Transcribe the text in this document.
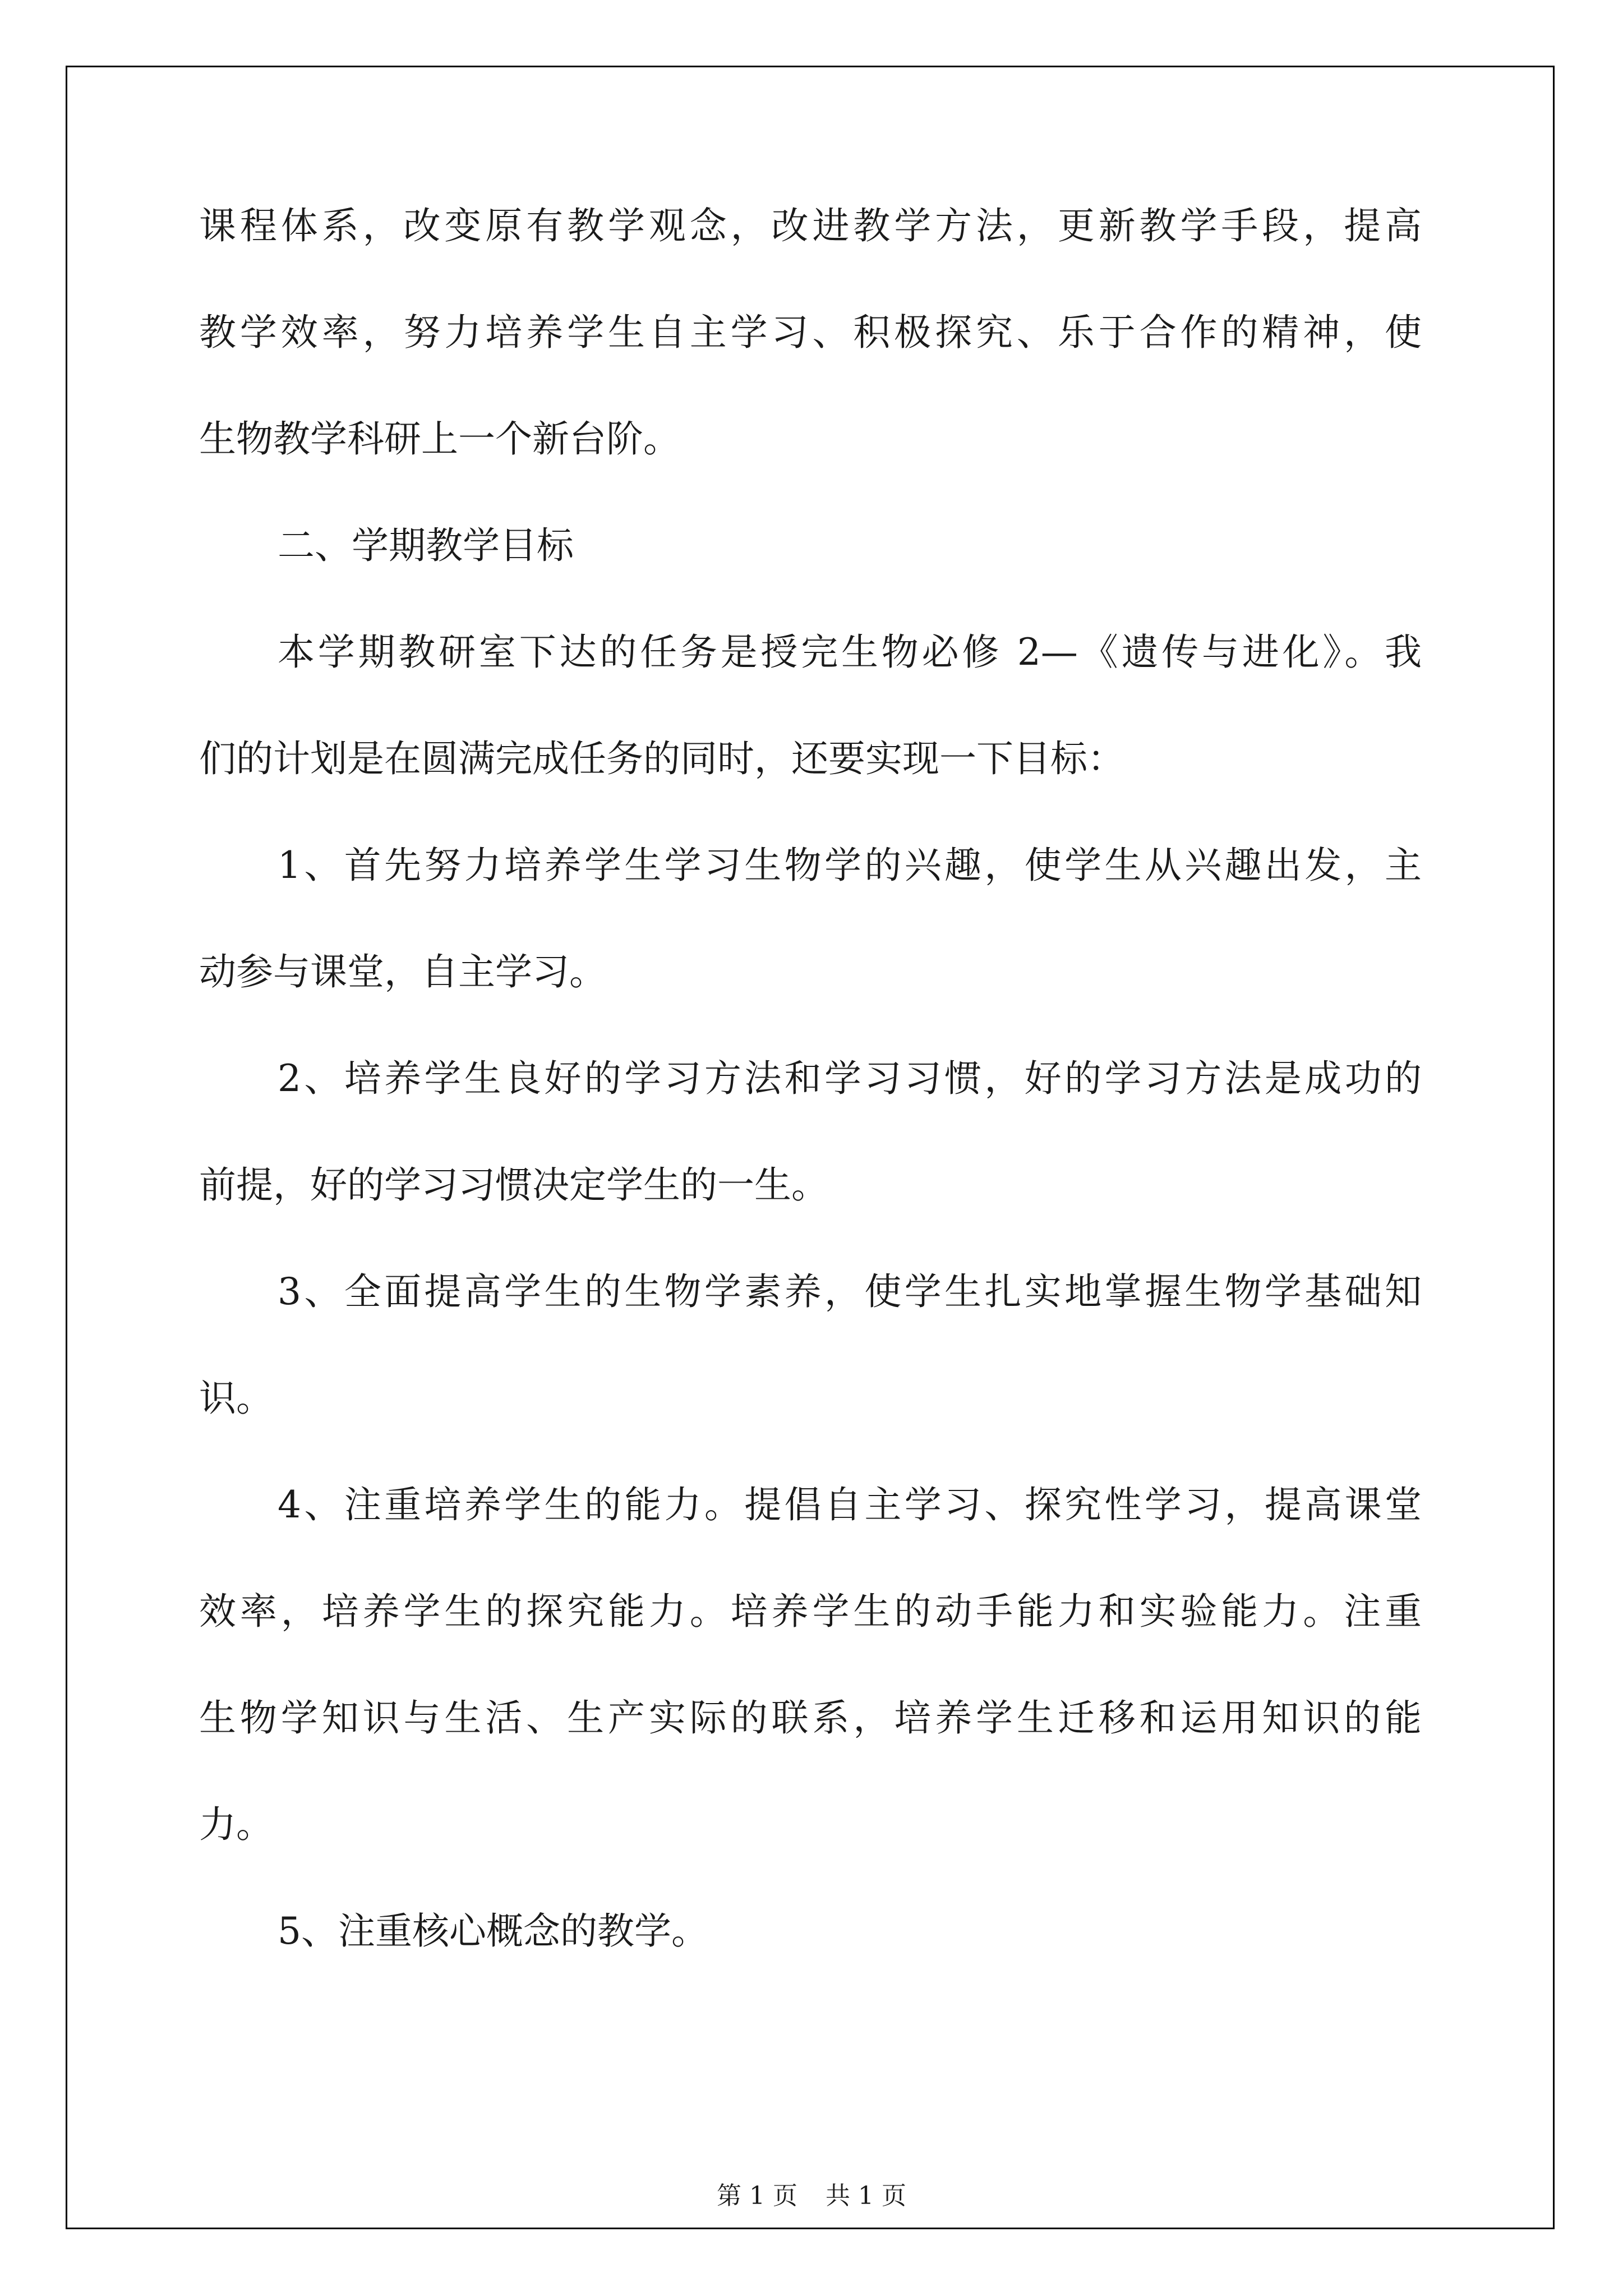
课程体系，改变原有教学观念，改进教学方法，更新教学手段，提高
教学效率，努力培养学生自主学习、积极探究、乐于合作的精神，使
生物教学科研上一个新台阶。
二、学期教学目标
本学期教研室下达的任务是授完生物必修 2—《遗传与进化》。我
们的计划是在圆满完成任务的同时，还要实现一下目标：
1、首先努力培养学生学习生物学的兴趣，使学生从兴趣出发，主
动参与课堂，自主学习。
2、培养学生良好的学习方法和学习习惯，好的学习方法是成功的
前提，好的学习习惯决定学生的一生。
3、全面提高学生的生物学素养，使学生扎实地掌握生物学基础知
识。
4、注重培养学生的能力。提倡自主学习、探究性学习，提高课堂
效率，培养学生的探究能力。培养学生的动手能力和实验能力。注重
生物学知识与生活、生产实际的联系，培养学生迁移和运用知识的能
力。
5、注重核心概念的教学。
第 1 页 共 1 页
